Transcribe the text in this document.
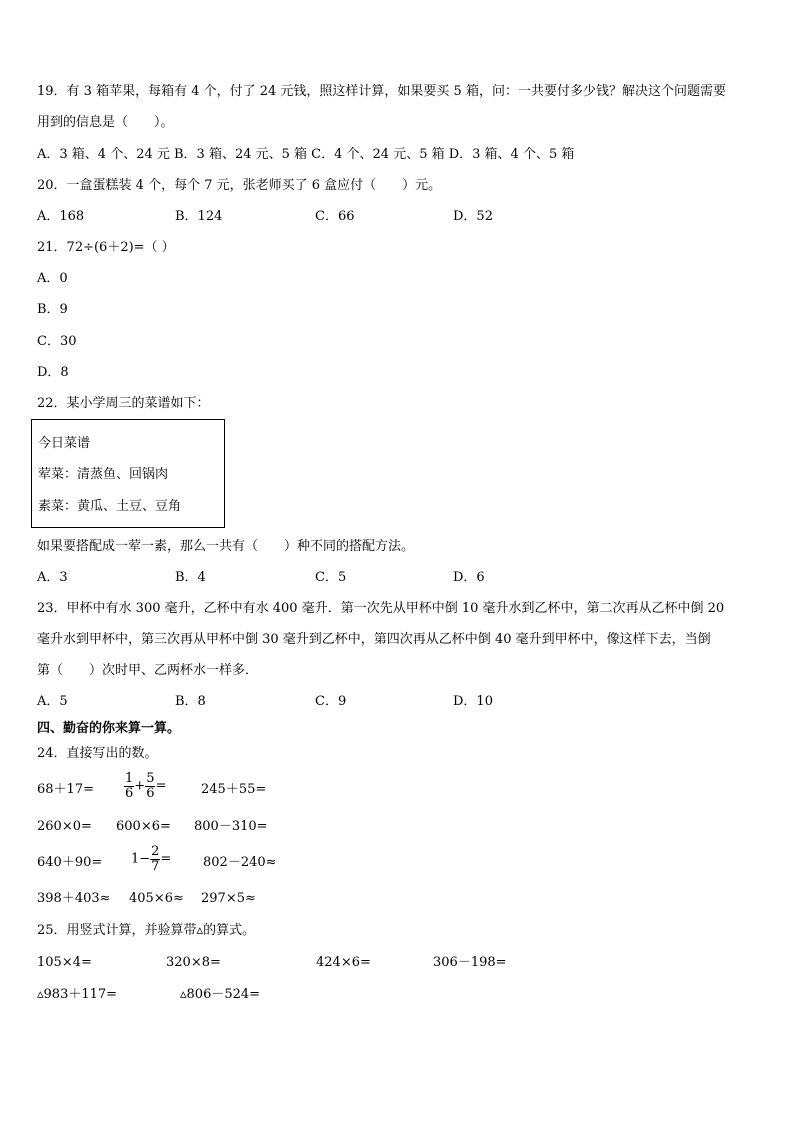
19．有 3 箱苹果，每箱有 4 个，付了 24 元钱，照这样计算，如果要买 5 箱，问：一共要付多少钱？解决这个问题需要
用到的信息是（　　）。
A．3 箱、4 个、24 元 B．3 箱、24 元、5 箱 C．4 个、24 元、5 箱 D．3 箱、4 个、5 箱
20．一盒蛋糕装 4 个，每个 7 元，张老师买了 6 盒应付（　　）元。
A．168	B．124	C．66	D．52
21．72÷(6＋2)=（ ）
A．0
B．9
C．30
D．8
22．某小学周三的菜谱如下：
今日菜谱
荤菜：清蒸鱼、回锅肉
素菜：黄瓜、土豆、豆角
如果要搭配成一荤一素，那么一共有（　　）种不同的搭配方法。
A．3	B．4	C．5	D．6
23．甲杯中有水 300 毫升，乙杯中有水 400 毫升．第一次先从甲杯中倒 10 毫升水到乙杯中，第二次再从乙杯中倒 20
毫升水到甲杯中，第三次再从甲杯中倒 30 毫升到乙杯中，第四次再从乙杯中倒 40 毫升到甲杯中，像这样下去，当倒
第（　　）次时甲、乙两杯水一样多．
A．5	B．8	C．9	D．10
四、勤奋的你来算一算。
24．直接写出的数。
$68+17= \frac{1}{6} + \frac{5}{6}$ =	245＋55=
260×0= 600×6= 800－310=
$640+90= 1- \frac{2}{7} = 802-240\approx$
398＋403≈ 405×6≈ 297×5≈
25．用竖式计算，并验算带▵的算式。
105×4=	320×8=	424×6=	306－198=
▵983＋117=	▵806－524=
